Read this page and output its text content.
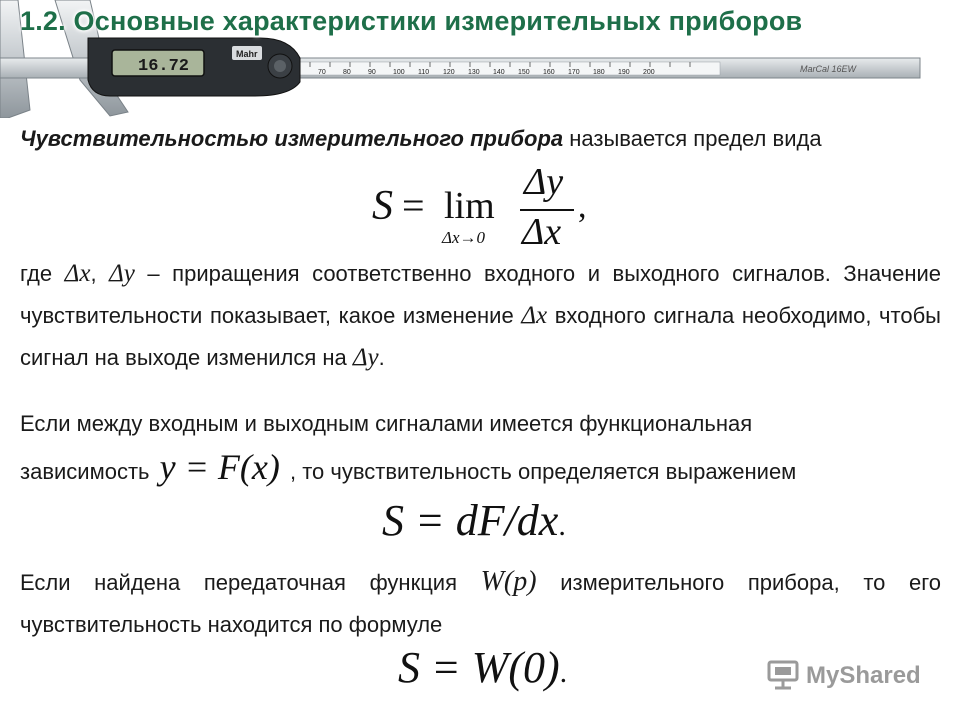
70 80 90 100 110 120 130 140 150 160 170 180 190 200	MarCal 16EW
16.72
Mahr
1.2. Основные характеристики измерительных приборов

Чувствительностью измерительного прибора называется предел вида

S = lim
Δx→0
Δy
Δx
,

где Δx, Δy – приращения соответственно входного и выходного сигналов. Значение чувствительности показывает, какое изменение Δx входного сигнала необходимо, чтобы сигнал на выходе изменился на Δy.

Если между входным и выходным сигналами имеется функциональная

зависимость y = F(x) , то чувствительность определяется выражением
S = dF/dx.

Если найдена передаточная функция W(p) измерительного прибора, то его чувствительность находится по формуле

S = W(0).	MyShared
